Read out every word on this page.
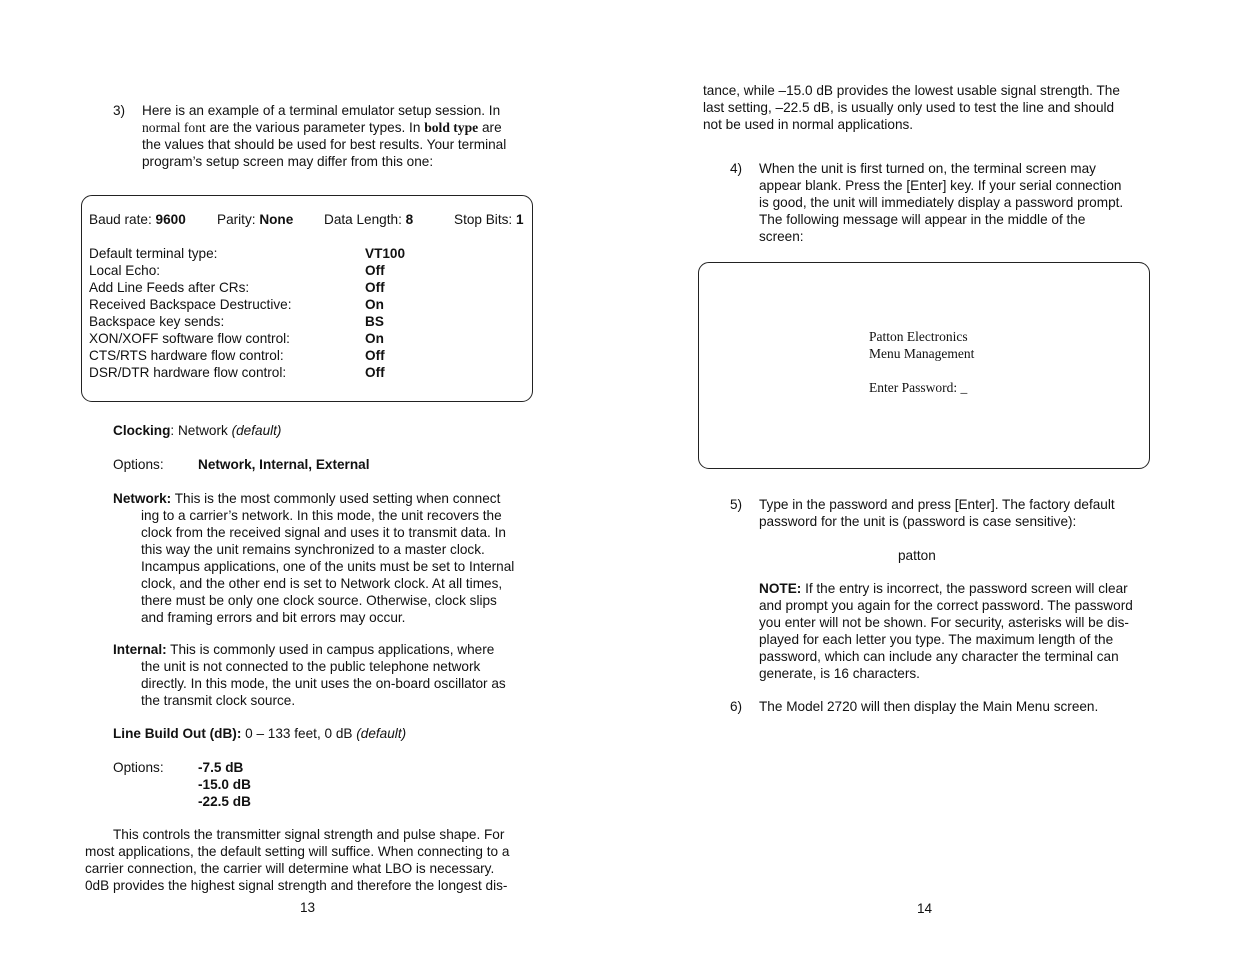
3) Here is an example of a terminal emulator setup session. In
normal font are the various parameter types. In bold type are
the values that should be used for best results. Your terminal
program’s setup screen may differ from this one:
Baud rate: 9600 Parity: None Data Length: 8	Stop Bits: 1
Default terminal type:	VT100
Local Echo:	Off
Add Line Feeds after CRs:	Off
Received Backspace Destructive:	On
Backspace key sends:	BS
XON/XOFF software flow control:	On
CTS/RTS hardware flow control:	Off
DSR/DTR hardware flow control:	Off
Clocking: Network (default)
Options:	Network, Internal, External
Network: This is the most commonly used setting when connect
ing to a carrier’s network. In this mode, the unit recovers the
clock from the received signal and uses it to transmit data. In
this way the unit remains synchronized to a master clock.
Incampus applications, one of the units must be set to Internal
clock, and the other end is set to Network clock. At all times,
there must be only one clock source. Otherwise, clock slips
and framing errors and bit errors may occur.
Internal: This is commonly used in campus applications, where
the unit is not connected to the public telephone network
directly. In this mode, the unit uses the on-board oscillator as
the transmit clock source.
Line Build Out (dB): 0 – 133 feet, 0 dB (default)
Options:	-7.5 dB
-15.0 dB
-22.5 dB
This controls the transmitter signal strength and pulse shape. For
most applications, the default setting will suffice. When connecting to a
carrier connection, the carrier will determine what LBO is necessary.
0dB provides the highest signal strength and therefore the longest dis-
13
tance, while –15.0 dB provides the lowest usable signal strength. The
last setting, –22.5 dB, is usually only used to test the line and should
not be used in normal applications.
4) When the unit is first turned on, the terminal screen may
appear blank. Press the [Enter] key. If your serial connection
is good, the unit will immediately display a password prompt.
The following message will appear in the middle of the
screen:
Patton Electronics
Menu Management
Enter Password: _
5) Type in the password and press [Enter]. The factory default
password for the unit is (password is case sensitive):
patton
NOTE: If the entry is incorrect, the password screen will clear
and prompt you again for the correct password. The password
you enter will not be shown. For security, asterisks will be dis-
played for each letter you type. The maximum length of the
password, which can include any character the terminal can
generate, is 16 characters.
6) The Model 2720 will then display the Main Menu screen.
14
